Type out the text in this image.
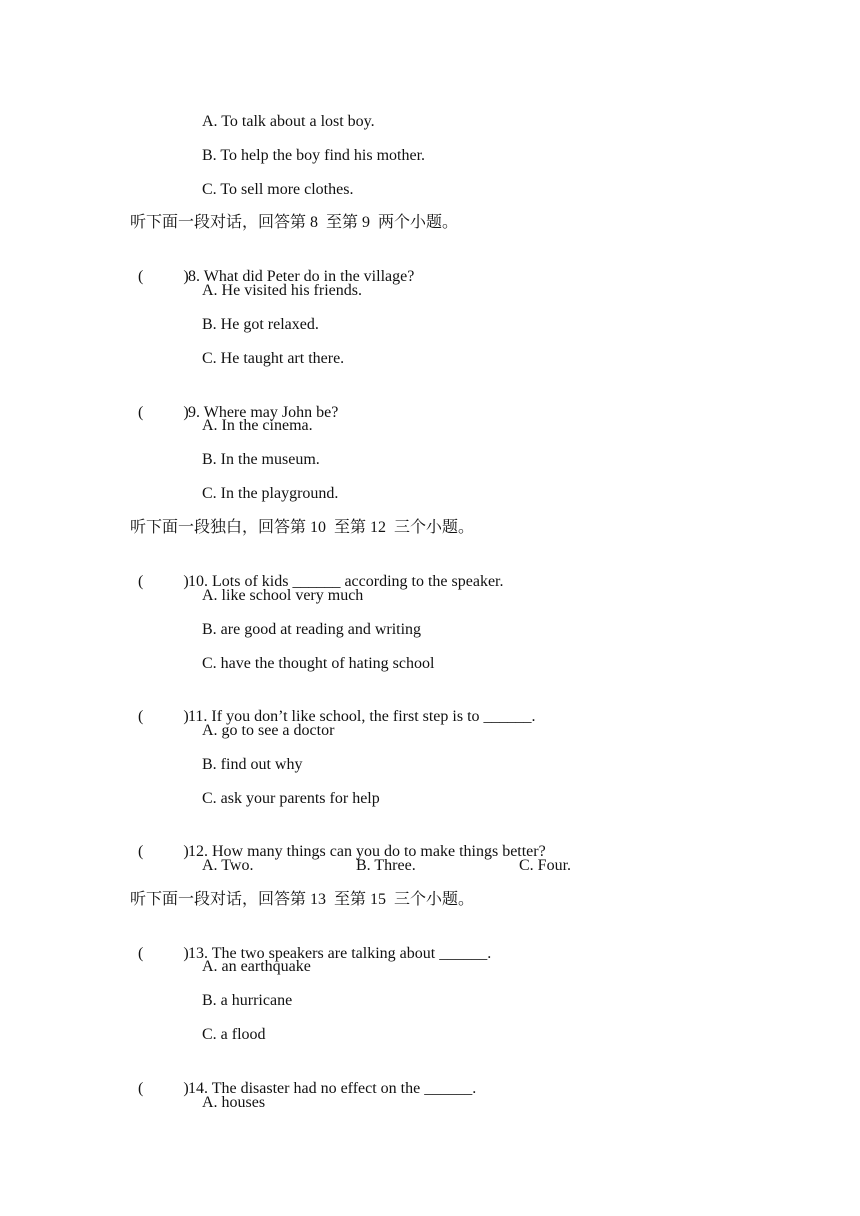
A. To talk about a lost boy.
B. To help the boy find his mother.
C. To sell more clothes.
听下面一段对话，回答第 8  至第 9  两个小题。

(          )8. What did Peter do in the village?

A. He visited his friends.
B. He got relaxed.
C. He taught art there.

(          )9. Where may John be?

A. In the cinema.
B. In the museum.
C. In the playground.
听下面一段独白，回答第 10  至第 12  三个小题。

(          )10. Lots of kids ______ according to the speaker.

A. like school very much
B. are good at reading and writing
C. have the thought of hating school

(          )11. If you don’t like school, the first step is to ______.

A. go to see a doctor
B. find out why
C. ask your parents for help

(          )12. How many things can you do to make things better?

A. Two.	B. Three.	C. Four.
听下面一段对话，回答第 13  至第 15  三个小题。

(          )13. The two speakers are talking about ______.

A. an earthquake
B. a hurricane
C. a flood

(          )14. The disaster had no effect on the ______.

A. houses
